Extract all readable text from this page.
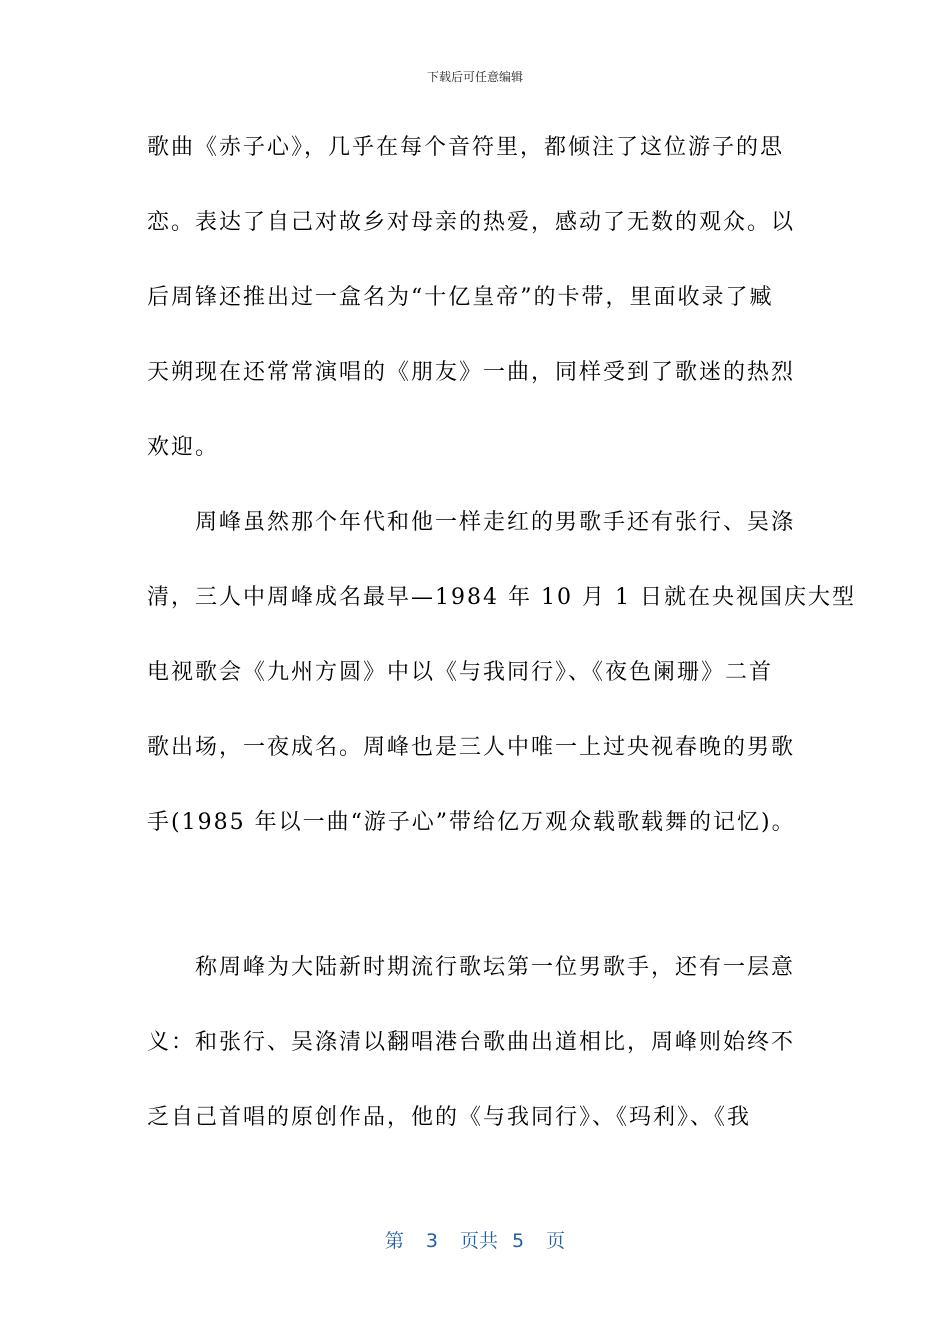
下载后可任意编辑
歌曲《赤子心》，几乎在每个音符里，都倾注了这位游子的思
恋。表达了自己对故乡对母亲的热爱，感动了无数的观众。以
后周锋还推出过一盒名为“十亿皇帝”的卡带，里面收录了臧
天朔现在还常常演唱的《朋友》一曲，同样受到了歌迷的热烈
欢迎。
周峰虽然那个年代和他一样走红的男歌手还有张行、吴涤
清，三人中周峰成名最早—1984 年 10 月 1 日就在央视国庆大型
电视歌会《九州方圆》中以《与我同行》、《夜色阑珊》二首
歌出场，一夜成名。周峰也是三人中唯一上过央视春晚的男歌
手(1985 年以一曲“游子心”带给亿万观众载歌载舞的记忆)。
称周峰为大陆新时期流行歌坛第一位男歌手，还有一层意
义：和张行、吴涤清以翻唱港台歌曲出道相比，周峰则始终不
乏自己首唱的原创作品，他的《与我同行》、《玛利》、《我
第 3 页共 5 页
